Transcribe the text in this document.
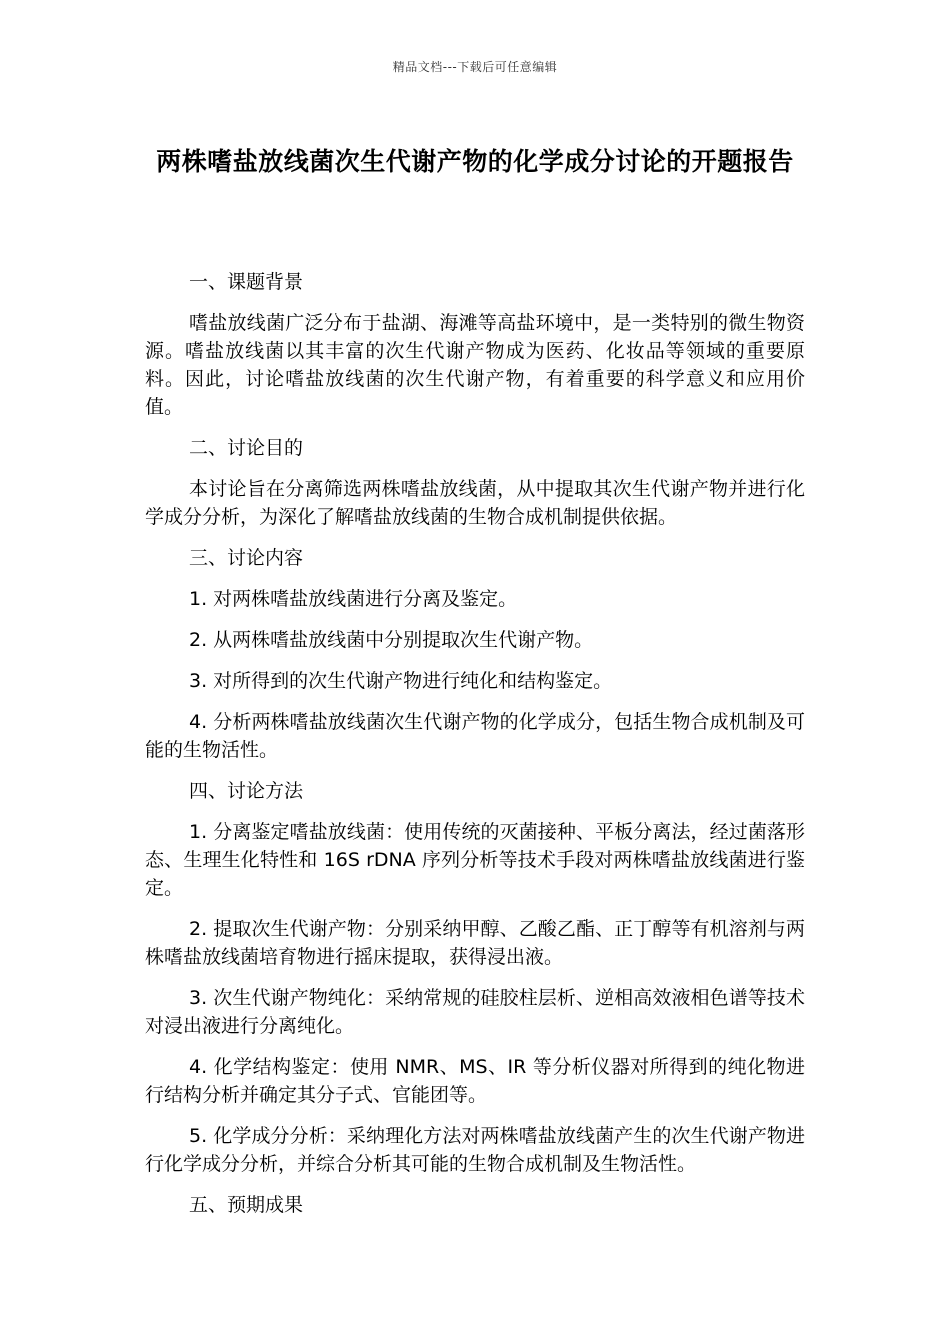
精品文档---下载后可任意编辑
两株嗜盐放线菌次生代谢产物的化学成分讨论的开题报告

一、课题背景

嗜盐放线菌广泛分布于盐湖、海滩等高盐环境中，是一类特别的微生物资源。嗜盐放线菌以其丰富的次生代谢产物成为医药、化妆品等领域的重要原料。因此，讨论嗜盐放线菌的次生代谢产物，有着重要的科学意义和应用价值。

二、讨论目的

本讨论旨在分离筛选两株嗜盐放线菌，从中提取其次生代谢产物并进行化学成分分析，为深化了解嗜盐放线菌的生物合成机制提供依据。

三、讨论内容

1. 对两株嗜盐放线菌进行分离及鉴定。

2. 从两株嗜盐放线菌中分别提取次生代谢产物。

3. 对所得到的次生代谢产物进行纯化和结构鉴定。

4. 分析两株嗜盐放线菌次生代谢产物的化学成分，包括生物合成机制及可能的生物活性。

四、讨论方法

1. 分离鉴定嗜盐放线菌：使用传统的灭菌接种、平板分离法，经过菌落形态、生理生化特性和 16S rDNA 序列分析等技术手段对两株嗜盐放线菌进行鉴定。

2. 提取次生代谢产物：分别采纳甲醇、乙酸乙酯、正丁醇等有机溶剂与两株嗜盐放线菌培育物进行摇床提取，获得浸出液。

3. 次生代谢产物纯化：采纳常规的硅胶柱层析、逆相高效液相色谱等技术对浸出液进行分离纯化。

4. 化学结构鉴定：使用 NMR、MS、IR 等分析仪器对所得到的纯化物进行结构分析并确定其分子式、官能团等。

5. 化学成分分析：采纳理化方法对两株嗜盐放线菌产生的次生代谢产物进行化学成分分析，并综合分析其可能的生物合成机制及生物活性。

五、预期成果
